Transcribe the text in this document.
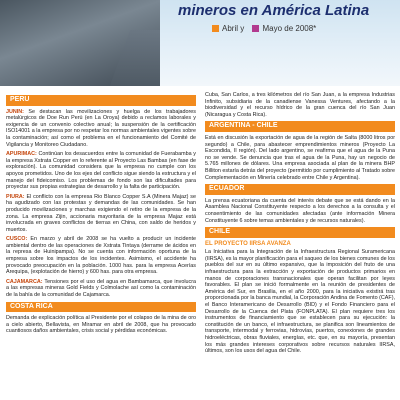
mineros en América Latina
Abril y Mayo de 2008*
PERU

JUNIN: Se destacan las movilizaciones y huelga de los trabajadores metalúrgicos de Doe Run Perú (en La Oroya) debido a reclamos laborales y exigencia de un convenio colectivo anual; la suspensión de la certificación ISO14001 a la empresa por no respetar los normas ambientales vigentes sobre la contaminación; así como el problema en el funcionamiento del Comité de Vigilancia y Monitoreo Ciudadano.

APURIMAC: Continúan los desacuerdos entre la comunidad de Fuerabamba y la empresa Xstrata Copper en lo referente al Proyecto Las Bambas (en fase de exploración). La comunidad considera que la empresa no cumple con los apoyos prometidos. Uno de los ejes del conflicto sigue siendo la estructura y el manejo del fideicomiso. Los problemas de fondo son las dificultades para proyectar sus propias estrategias de desarrollo y la falta de participación.

PIURA: El conflicto con la empresa Rio Blanco Copper S.A (Minera Majaz) se ha agudizado con las protestas y demandas de las comunidades. Se han producido movilizaciones y marchas exigiendo el retiro de la empresa de la zona. La empresa Zijin, accionaria mayoritaria de la empresa Majaz está involucrada en graves conflictos de tierras en China, con saldo de heridos y muertos.

CUSCO: En marzo y abril de 2008 se ha vuelto a producir un incidente ambiental dentro de las operaciones de Xstrata Tintaya (derrame de ácidos en la represa de Huinipampa). No se cuenta con información oportuna de la empresa sobre los impactos de los incidentes. Asimismo, el accidente ha provocado preocupación en la población. 1000 has. para la empresa Acerías Arequipa, (explotación de hierro) y 600 has. para otra empresa.

CAJAMARCA: Tensiones por el uso del agua en Bambamarca, que involucra a las empresas mineras Gold Fields y Colmolache así como la contaminación de la bahía de la comunidad de Cajamarca.

COSTA RICA

Demanda de explicación política al Presidente por el colapso de la mina de oro a cielo abierto, Bellavista, en Miramar en abril de 2008, que ha provocado cuantiosos daños ambientales, crisis social y pérdidas económicas.

Cuba, San Carlos, a tres kilómetros del río San Juan, a la empresa Industrias Infinito, subsidiaria de la canadiense Vanessa Ventures, afectando a la biodiversidad y el recurso hídrico de la gran cuenca del río San Juan (Nicaragua y Costa Rica).

ARGENTINA - CHILE

Está en discusión la exportación de agua de la región de Salta (8000 litros por segundo) a Chile, para abastecer emprendimientos mineros (Proyecto La Escondida, II región). Del lado argentino, se reafirma que el agua de la Puna no se vende. Se denuncia que tras el agua de la Puna, hay un negocio de 5.765 millones de dólares. Una empresa asociada al plan de la minera BHP Billiton estaría detrás del proyecto (permitido por cumplimiento al Tratado sobre Complementación en Minería celebrado entre Chile y Argentina).

ECUADOR

La prensa ecuatoriana da cuenta del interés debate que se está dando en la Asamblea Nacional Constituyente respecto a los derechos a la consulta y el consentimiento de las comunidades afectadas (ante información Minera Constituyente 6 sobre temas ambientales y de recursos naturales).

CHILE
EL PROYECTO IIRSA AVANZA

La Iniciativa para la Integración de la Infraestructura Regional Suramericana (IIRSA), es la mayor planificación para el saqueo de los bienes comunes de los pueblos del sur en su último expansivo, que la imposición del fruto de una infraestructura para la extracción y exportación de productos primarios en manos de corporaciones transnacionales que operan facilitan por leyes favorables. El plan se inició formalmente en la reunión de presidentes de América del Sur, en Brasilia, en el año 2000, para la iniciativa existirá tras proporcionada por la banca mundial, la Corporación Andina de Fomento (CAF), el Banco Interamericano de Desarrollo (BID) y el Fondo Financiero para el Desarrollo de la Cuenca del Plata (FONPLATA). El plan requiere tres los instrumentos de financiamiento que se establecen para su ejecución: la constitución de un banco, el infraestructura, se planifica son lineamientos de transporte, intermodal y ferrovias, hidrovías, puertos, conexiones de grandes hidroeléctricas, obras fluviales, energías, etc. que, en su mayoría, presentan los más grandes intereses corporativos sobre recursos naturales IIRSA, últimos, son los usos del agua del Chile.
